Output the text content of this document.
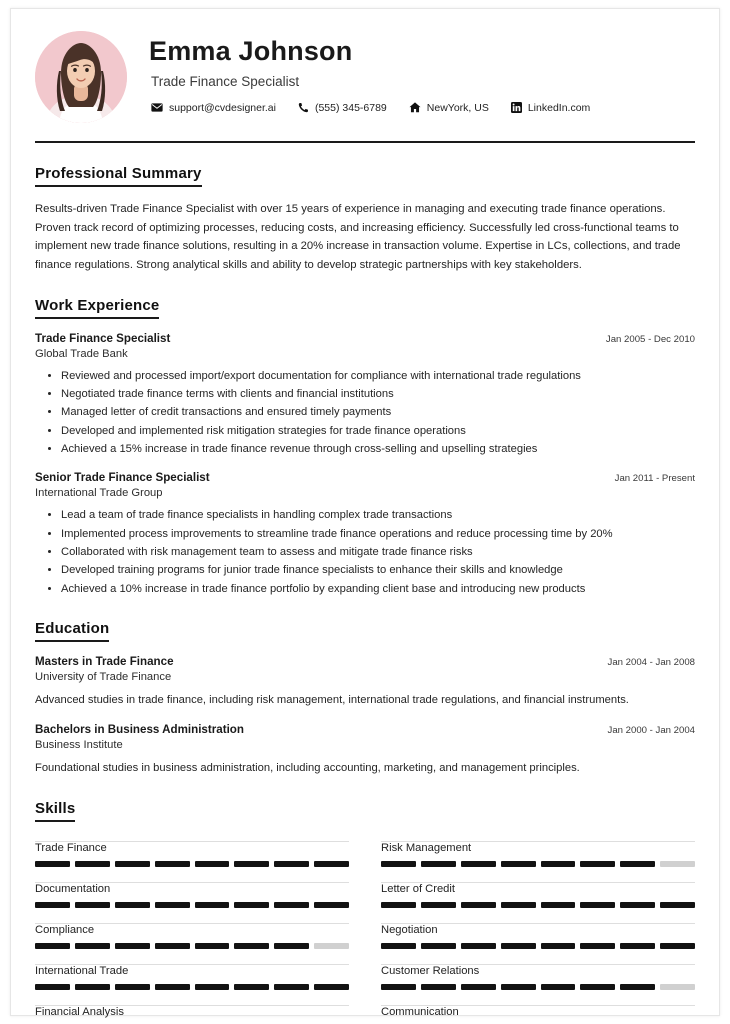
Emma Johnson
Trade Finance Specialist
support@cvdesigner.ai	(555) 345-6789	NewYork, US	LinkedIn.com
Professional Summary
Results-driven Trade Finance Specialist with over 15 years of experience in managing and executing trade finance operations. Proven track record of optimizing processes, reducing costs, and increasing efficiency. Successfully led cross-functional teams to implement new trade finance solutions, resulting in a 20% increase in transaction volume. Expertise in LCs, collections, and trade finance regulations. Strong analytical skills and ability to develop strategic partnerships with key stakeholders.
Work Experience
Trade Finance Specialist	Jan 2005 - Dec 2010
Global Trade Bank
• Reviewed and processed import/export documentation for compliance with international trade regulations
• Negotiated trade finance terms with clients and financial institutions
• Managed letter of credit transactions and ensured timely payments
• Developed and implemented risk mitigation strategies for trade finance operations
• Achieved a 15% increase in trade finance revenue through cross-selling and upselling strategies
Senior Trade Finance Specialist	Jan 2011 - Present
International Trade Group
• Lead a team of trade finance specialists in handling complex trade transactions
• Implemented process improvements to streamline trade finance operations and reduce processing time by 20%
• Collaborated with risk management team to assess and mitigate trade finance risks
• Developed training programs for junior trade finance specialists to enhance their skills and knowledge
• Achieved a 10% increase in trade finance portfolio by expanding client base and introducing new products
Education
Masters in Trade Finance	Jan 2004 - Jan 2008
University of Trade Finance
Advanced studies in trade finance, including risk management, international trade regulations, and financial instruments.
Bachelors in Business Administration	Jan 2000 - Jan 2004
Business Institute
Foundational studies in business administration, including accounting, marketing, and management principles.
Skills
Trade Finance	Risk Management
Documentation	Letter of Credit
Compliance	Negotiation
International Trade	Customer Relations
Financial Analysis	Communication
